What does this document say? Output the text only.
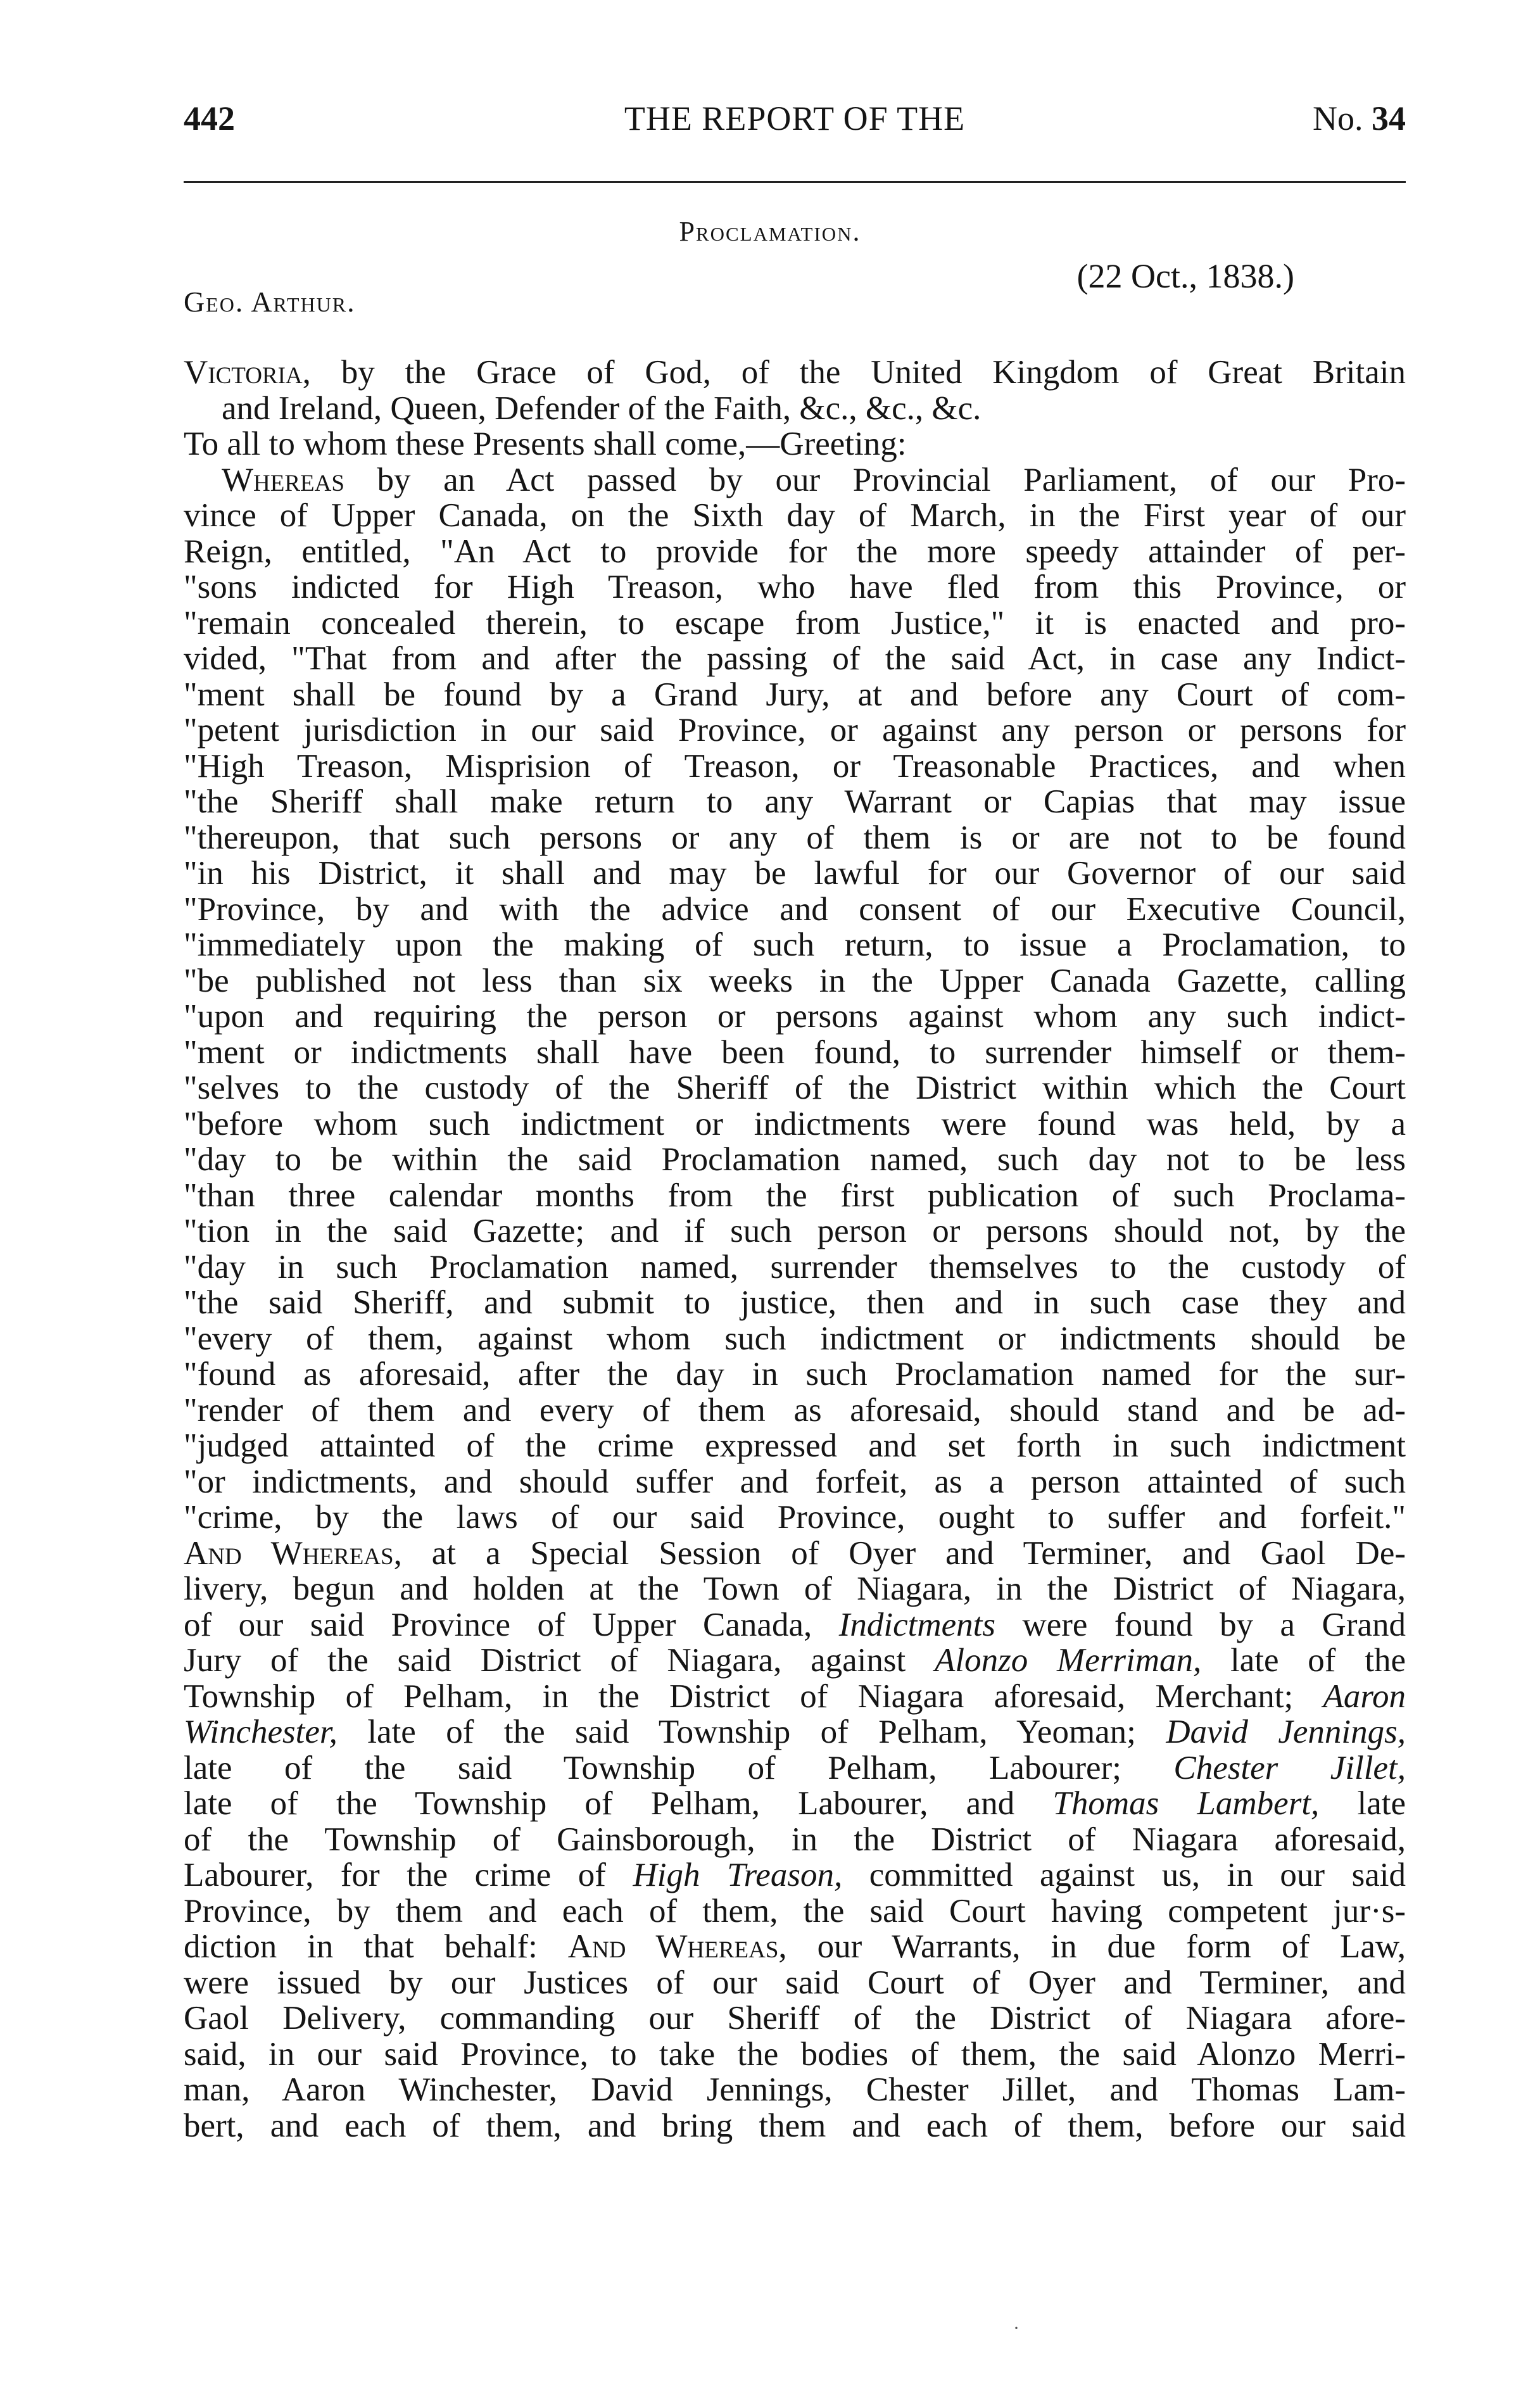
442	THE REPORT OF THE	No. 34
Proclamation.
(22 Oct., 1838.)
Geo. Arthur.
Victoria, by the Grace of God, of the United Kingdom of Great Britain
and Ireland, Queen, Defender of the Faith, &c., &c., &c.
To all to whom these Presents shall come,—Greeting:
Whereas by an Act passed by our Provincial Parliament, of our Pro-
vince of Upper Canada, on the Sixth day of March, in the First year of our
Reign, entitled, "An Act to provide for the more speedy attainder of per-
"sons indicted for High Treason, who have fled from this Province, or
"remain concealed therein, to escape from Justice," it is enacted and pro-
vided, "That from and after the passing of the said Act, in case any Indict-
"ment shall be found by a Grand Jury, at and before any Court of com-
"petent jurisdiction in our said Province, or against any person or persons for
"High Treason, Misprision of Treason, or Treasonable Practices, and when
"the Sheriff shall make return to any Warrant or Capias that may issue
"thereupon, that such persons or any of them is or are not to be found
"in his District, it shall and may be lawful for our Governor of our said
"Province, by and with the advice and consent of our Executive Council,
"immediately upon the making of such return, to issue a Proclamation, to
"be published not less than six weeks in the Upper Canada Gazette, calling
"upon and requiring the person or persons against whom any such indict-
"ment or indictments shall have been found, to surrender himself or them-
"selves to the custody of the Sheriff of the District within which the Court
"before whom such indictment or indictments were found was held, by a
"day to be within the said Proclamation named, such day not to be less
"than three calendar months from the first publication of such Proclama-
"tion in the said Gazette; and if such person or persons should not, by the
"day in such Proclamation named, surrender themselves to the custody of
"the said Sheriff, and submit to justice, then and in such case they and
"every of them, against whom such indictment or indictments should be
"found as aforesaid, after the day in such Proclamation named for the sur-
"render of them and every of them as aforesaid, should stand and be ad-
"judged attainted of the crime expressed and set forth in such indictment
"or indictments, and should suffer and forfeit, as a person attainted of such
"crime, by the laws of our said Province, ought to suffer and forfeit."
And Whereas, at a Special Session of Oyer and Terminer, and Gaol De-
livery, begun and holden at the Town of Niagara, in the District of Niagara,
of our said Province of Upper Canada, Indictments were found by a Grand
Jury of the said District of Niagara, against Alonzo Merriman, late of the
Township of Pelham, in the District of Niagara aforesaid, Merchant; Aaron
Winchester, late of the said Township of Pelham, Yeoman; David Jennings,
late of the said Township of Pelham, Labourer; Chester Jillet,
late of the Township of Pelham, Labourer, and Thomas Lambert, late
of the Township of Gainsborough, in the District of Niagara aforesaid,
Labourer, for the crime of High Treason, committed against us, in our said
Province, by them and each of them, the said Court having competent jur·s-
diction in that behalf: And Whereas, our Warrants, in due form of Law,
were issued by our Justices of our said Court of Oyer and Terminer, and
Gaol Delivery, commanding our Sheriff of the District of Niagara afore-
said, in our said Province, to take the bodies of them, the said Alonzo Merri-
man, Aaron Winchester, David Jennings, Chester Jillet, and Thomas Lam-
bert, and each of them, and bring them and each of them, before our said
·
